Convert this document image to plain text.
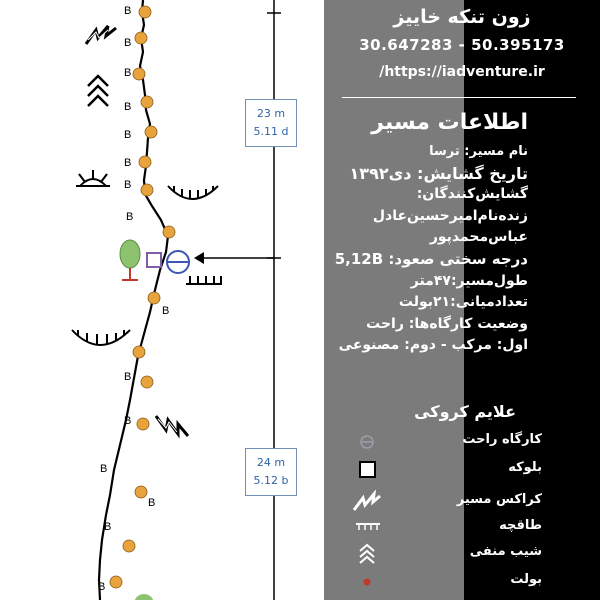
B
B
B
B
B
B
B
B
B
B
B
B
B
B
B
23 m
5.11 d
24 m
5.12 b
زون تنکه خاییز
30.647283 - 50.395173
/https://iadventure.ir
اطلاعات مسیر
نام مسیر: ترسا
تاریخ گشایش: دی۱۳۹۲
گشایش‌کنندگان:
زنده‌نام‌امیرحسین‌عادل
عباس‌محمدپور
درجه سختی صعود: 5,12B
طول‌مسیر:۴۷متر
تعدادمیانی:۲۱بولت
وضعیت کارگاه‌ها: راحت
اول: مرکب - دوم: مصنوعی
علایم کروکی
کارگاه راحت
بلوکه
کراکس مسیر
طاقچه
شیب منفی
بولت
